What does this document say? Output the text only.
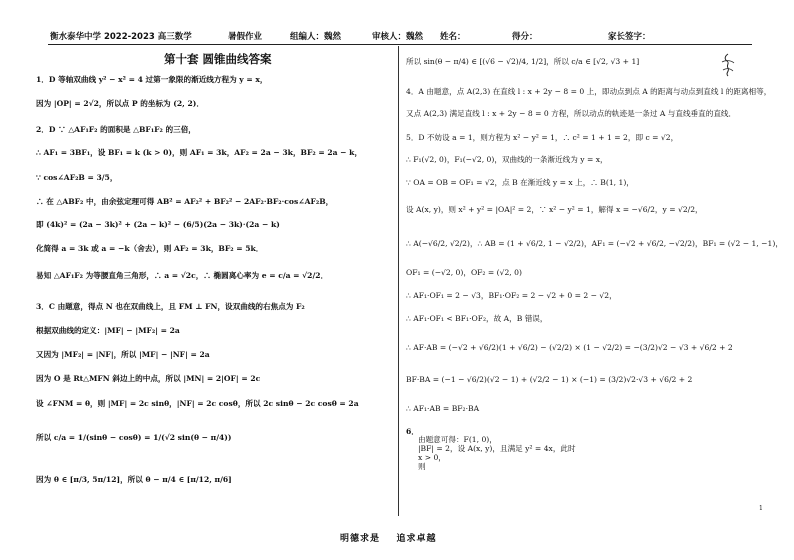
衡水泰华中学 2022-2023 高三数学	暑假作业	组编人：魏然	审核人：魏然 姓名：	得分：	家长签字：

第十套 圆锥曲线答案

1．D 等轴双曲线 y² − x² = 4 过第一象限的渐近线方程为 y = x，

因为 |OP| = 2√2，所以点 P 的坐标为 (2, 2)．

2．D ∵ △AF₁F₂ 的面积是 △BF₁F₂ 的三倍，

∴ AF₁ = 3BF₁，设 BF₁ = k (k > 0)，则 AF₁ = 3k，AF₂ = 2a − 3k，BF₂ = 2a − k，

∵ cos∠AF₂B = 3/5，

∴ 在 △ABF₂ 中，由余弦定理可得 AB² = AF₂² + BF₂² − 2AF₂·BF₂·cos∠AF₂B，

即 (4k)² = (2a − 3k)² + (2a − k)² − (6/5)(2a − 3k)·(2a − k)

化简得 a = 3k 或 a = −k（舍去），则 AF₂ = 3k，BF₂ = 5k．

易知 △AF₁F₂ 为等腰直角三角形，∴ a = √2c，∴ 椭圆离心率为 e = c/a = √2/2．

3．C 由题意，得点 N 也在双曲线上，且 FM ⊥ FN，设双曲线的右焦点为 F₂

根据双曲线的定义：|MF| − |MF₂| = 2a

又因为 |MF₂| = |NF|，所以 |MF| − |NF| = 2a

因为 O 是 Rt△MFN 斜边上的中点，所以 |MN| = 2|OF| = 2c

设 ∠FNM = θ，则 |MF| = 2c sinθ，|NF| = 2c cosθ，所以 2c sinθ − 2c cosθ = 2a

所以 c/a = 1/(sinθ − cosθ) = 1/(√2 sin(θ − π/4))

因为 θ ∈ [π/3, 5π/12]，所以 θ − π/4 ∈ [π/12, π/6]

所以 sin(θ − π/4) ∈ [(√6 − √2)/4, 1/2]，所以 c/a ∈ [√2, √3 + 1]

4．A 由题意，点 A(2,3) 在直线 l : x + 2y − 8 = 0 上，即动点到点 A 的距离与动点到直线 l 的距离相等，

又点 A(2,3) 满足直线 l : x + 2y − 8 = 0 方程，所以动点的轨迹是一条过 A 与直线垂直的直线．

5．D 不妨设 a = 1，则方程为 x² − y² = 1，∴ c² = 1 + 1 = 2，即 c = √2，

∴ F₁(√2, 0)，F₁(−√2, 0)，双曲线的一条渐近线为 y = x，

∵ OA = OB = OF₁ = √2，点 B 在渐近线 y = x 上，∴ B(1, 1)，

设 A(x, y)，则 x² + y² = |OA|² = 2，∵ x² − y² = 1，解得 x = −√6/2，y = √2/2，

∴ A(−√6/2, √2/2)，∴ AB = (1 + √6/2, 1 − √2/2)，AF₁ = (−√2 + √6/2, −√2/2)，BF₁ = (√2 − 1, −1)，

OF₁ = (−√2, 0)，OF₂ = (√2, 0)

∴ AF₁·OF₁ = 2 − √3，BF₁·OF₂ = 2 − √2 + 0 = 2 − √2，

∴ AF₁·OF₁ < BF₁·OF₂，故 A，B 错误，

∴ AF·AB = (−√2 + √6/2)(1 + √6/2) − (√2/2) × (1 − √2/2) = −(3/2)√2 − √3 + √6/2 + 2

BF·BA = (−1 − √6/2)(√2 − 1) + (√2/2 − 1) × (−1) = (3/2)√2·√3 + √6/2 + 2

∴ AF₁·AB = BF₂·BA

6．

由题意可得：F(1, 0)，

|BF| = 2，设 A(x, y)，且满足 y² = 4x，此时

x > 0，

则

明德求是    追求卓越
1
